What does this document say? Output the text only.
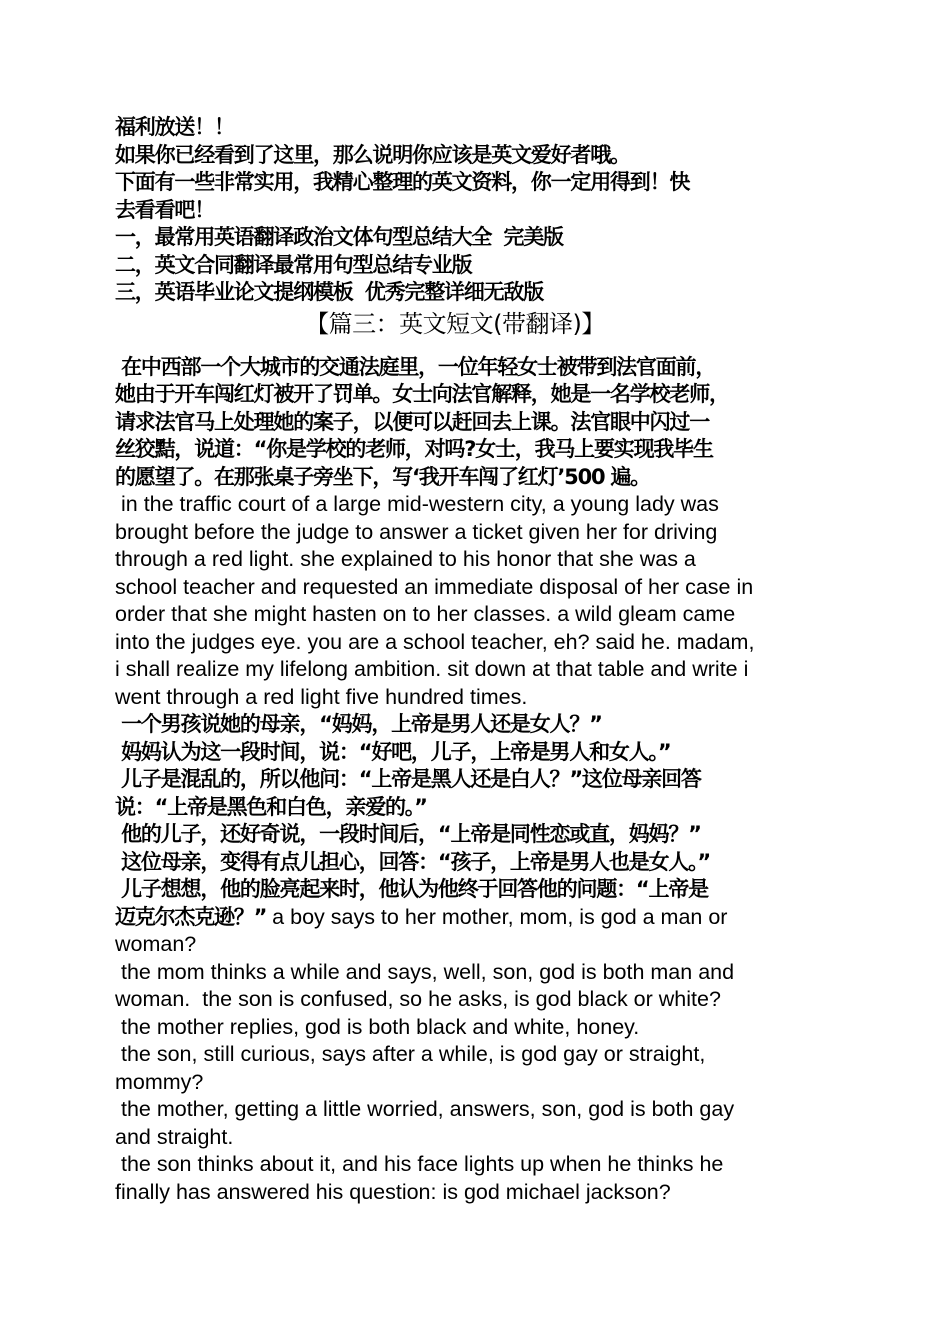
福利放送！！
如果你已经看到了这里，那么说明你应该是英文爱好者哦。
下面有一些非常实用，我精心整理的英文资料，你一定用得到！快
去看看吧！
一，最常用英语翻译政治文体句型总结大全  完美版
二，英文合同翻译最常用句型总结专业版
三，英语毕业论文提纲模板  优秀完整详细无敌版
【篇三：英文短文(带翻译)】
在中西部一个大城市的交通法庭里，一位年轻女士被带到法官面前，
她由于开车闯红灯被开了罚单。女士向法官解释，她是一名学校老师，
请求法官马上处理她的案子，以便可以赶回去上课。法官眼中闪过一
丝狡黠，说道：“你是学校的老师，对吗?女士，我马上要实现我毕生
的愿望了。在那张桌子旁坐下，写‘我开车闯了红灯’500 遍。
in the traffic court of a large mid-western city, a young lady was
brought before the judge to answer a ticket given her for driving
through a red light. she explained to his honor that she was a
school teacher and requested an immediate disposal of her case in
order that she might hasten on to her classes. a wild gleam came
into the judges eye. you are a school teacher, eh? said he. madam,
i shall realize my lifelong ambition. sit down at that table and write i
went through a red light five hundred times.
一个男孩说她的母亲，“妈妈，上帝是男人还是女人？”
妈妈认为这一段时间，说：“好吧，儿子，上帝是男人和女人。”
儿子是混乱的，所以他问：“上帝是黑人还是白人？”这位母亲回答
说：“上帝是黑色和白色，亲爱的。”
他的儿子，还好奇说，一段时间后，“上帝是同性恋或直，妈妈？”
这位母亲，变得有点儿担心，回答：“孩子，上帝是男人也是女人。”
儿子想想，他的脸亮起来时，他认为他终于回答他的问题：“上帝是
迈克尔杰克逊？” a boy says to her mother, mom, is god a man or
woman?
the mom thinks a while and says, well, son, god is both man and
woman.  the son is confused, so he asks, is god black or white?
the mother replies, god is both black and white, honey.
the son, still curious, says after a while, is god gay or straight,
mommy?
the mother, getting a little worried, answers, son, god is both gay
and straight.
the son thinks about it, and his face lights up when he thinks he
finally has answered his question: is god michael jackson?
